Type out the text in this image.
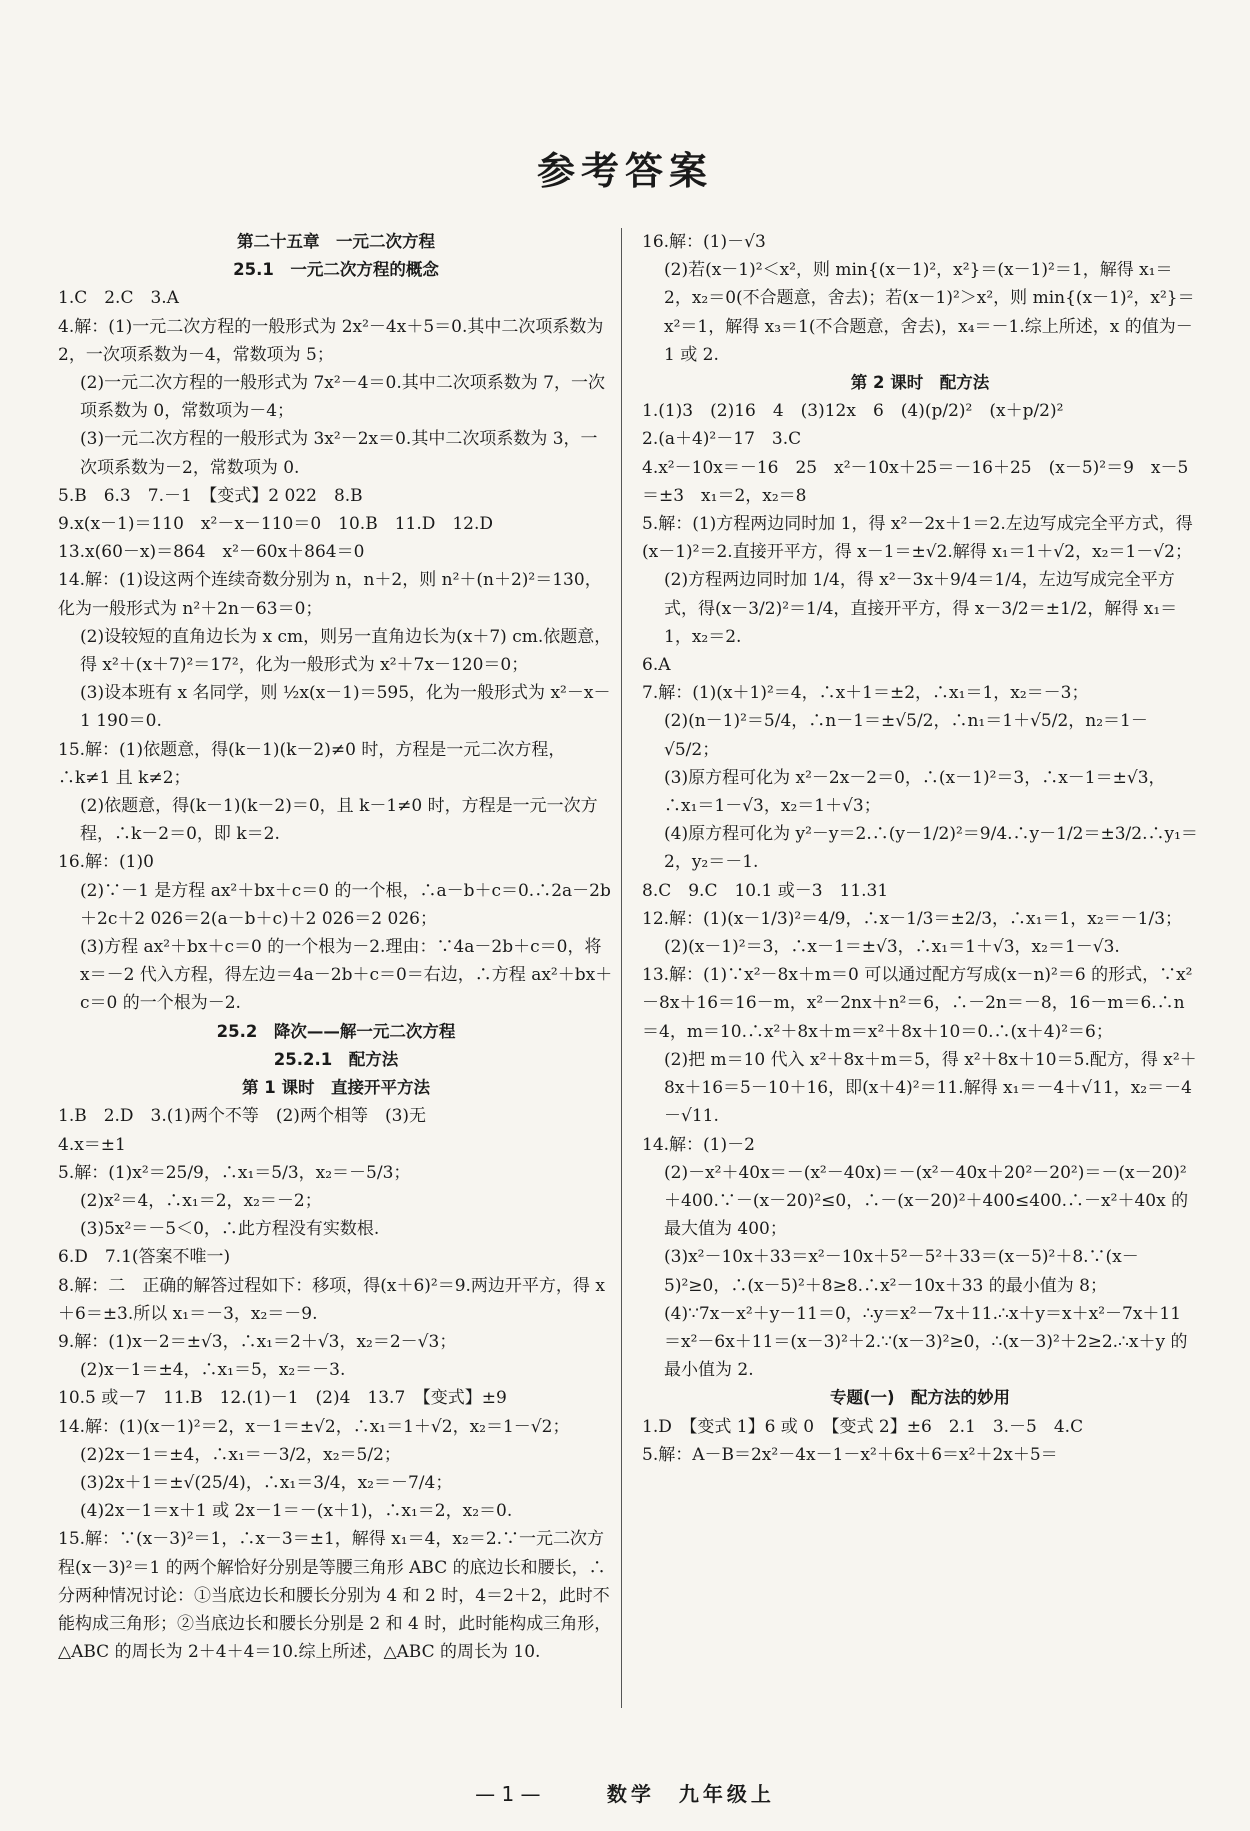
参考答案
第二十五章　一元二次方程
25.1　一元二次方程的概念
1.C　2.C　3.A
4.解：(1)一元二次方程的一般形式为 2x²－4x＋5＝0.其中二次项系数为 2，一次项系数为－4，常数项为 5；
(2)一元二次方程的一般形式为 7x²－4＝0.其中二次项系数为 7，一次项系数为 0，常数项为－4；
(3)一元二次方程的一般形式为 3x²－2x＝0.其中二次项系数为 3，一次项系数为－2，常数项为 0.
5.B　6.3　7.－1　【变式】2 022　8.B
9.x(x－1)＝110　x²－x－110＝0　10.B　11.D　12.D
13.x(60－x)＝864　x²－60x＋864＝0
14.解：(1)设这两个连续奇数分别为 n，n＋2，则 n²＋(n＋2)²＝130，化为一般形式为 n²＋2n－63＝0；
(2)设较短的直角边长为 x cm，则另一直角边长为(x＋7) cm.依题意，得 x²＋(x＋7)²＝17²，化为一般形式为 x²＋7x－120＝0；
(3)设本班有 x 名同学，则 ½x(x－1)＝595，化为一般形式为 x²－x－1 190＝0.
15.解：(1)依题意，得(k－1)(k－2)≠0 时，方程是一元二次方程，∴k≠1 且 k≠2；
(2)依题意，得(k－1)(k－2)＝0，且 k－1≠0 时，方程是一元一次方程，∴k－2＝0，即 k＝2.
16.解：(1)0
(2)∵－1 是方程 ax²＋bx＋c＝0 的一个根，∴a－b＋c＝0.∴2a－2b＋2c＋2 026＝2(a－b＋c)＋2 026＝2 026；
(3)方程 ax²＋bx＋c＝0 的一个根为－2.理由：∵4a－2b＋c＝0，将 x＝－2 代入方程，得左边＝4a－2b＋c＝0＝右边，∴方程 ax²＋bx＋c＝0 的一个根为－2.
25.2　降次——解一元二次方程
25.2.1　配方法
第 1 课时　直接开平方法
1.B　2.D　3.(1)两个不等　(2)两个相等　(3)无
4.x＝±1
5.解：(1)x²＝25/9，∴x₁＝5/3，x₂＝－5/3；
(2)x²＝4，∴x₁＝2，x₂＝－2；
(3)5x²＝－5＜0，∴此方程没有实数根.
6.D　7.1(答案不唯一)
8.解：二　正确的解答过程如下：移项，得(x＋6)²＝9.两边开平方，得 x＋6＝±3.所以 x₁＝－3，x₂＝－9.
9.解：(1)x－2＝±√3，∴x₁＝2＋√3，x₂＝2－√3；
(2)x－1＝±4，∴x₁＝5，x₂＝－3.
10.5 或－7　11.B　12.(1)－1　(2)4　13.7　【变式】±9
14.解：(1)(x－1)²＝2，x－1＝±√2，∴x₁＝1＋√2，x₂＝1－√2；
(2)2x－1＝±4，∴x₁＝－3/2，x₂＝5/2；
(3)2x＋1＝±√(25/4)，∴x₁＝3/4，x₂＝－7/4；
(4)2x－1＝x＋1 或 2x－1＝－(x＋1)，∴x₁＝2，x₂＝0.
15.解：∵(x－3)²＝1，∴x－3＝±1，解得 x₁＝4，x₂＝2.∵一元二次方程(x－3)²＝1 的两个解恰好分别是等腰三角形 ABC 的底边长和腰长，∴分两种情况讨论：①当底边长和腰长分别为 4 和 2 时，4＝2＋2，此时不能构成三角形；②当底边长和腰长分别是 2 和 4 时，此时能构成三角形，△ABC 的周长为 2＋4＋4＝10.综上所述，△ABC 的周长为 10.
16.解：(1)－√3
(2)若(x－1)²＜x²，则 min{(x－1)²，x²}＝(x－1)²＝1，解得 x₁＝2，x₂＝0(不合题意，舍去)；若(x－1)²＞x²，则 min{(x－1)²，x²}＝x²＝1，解得 x₃＝1(不合题意，舍去)，x₄＝－1.综上所述，x 的值为－1 或 2.
第 2 课时　配方法
1.(1)3　(2)16　4　(3)12x　6　(4)(p/2)²　(x＋p/2)²
2.(a＋4)²－17　3.C
4.x²－10x＝－16　25　x²－10x＋25＝－16＋25　(x－5)²＝9　x－5＝±3　x₁＝2，x₂＝8
5.解：(1)方程两边同时加 1，得 x²－2x＋1＝2.左边写成完全平方式，得(x－1)²＝2.直接开平方，得 x－1＝±√2.解得 x₁＝1＋√2，x₂＝1－√2；
(2)方程两边同时加 1/4，得 x²－3x＋9/4＝1/4，左边写成完全平方式，得(x－3/2)²＝1/4，直接开平方，得 x－3/2＝±1/2，解得 x₁＝1，x₂＝2.
6.A
7.解：(1)(x＋1)²＝4，∴x＋1＝±2，∴x₁＝1，x₂＝－3；
(2)(n－1)²＝5/4，∴n－1＝±√5/2，∴n₁＝1＋√5/2，n₂＝1－√5/2；
(3)原方程可化为 x²－2x－2＝0，∴(x－1)²＝3，∴x－1＝±√3，∴x₁＝1－√3，x₂＝1＋√3；
(4)原方程可化为 y²－y＝2.∴(y－1/2)²＝9/4.∴y－1/2＝±3/2.∴y₁＝2，y₂＝－1.
8.C　9.C　10.1 或－3　11.31
12.解：(1)(x－1/3)²＝4/9，∴x－1/3＝±2/3，∴x₁＝1，x₂＝－1/3；
(2)(x－1)²＝3，∴x－1＝±√3，∴x₁＝1＋√3，x₂＝1－√3.
13.解：(1)∵x²－8x＋m＝0 可以通过配方写成(x－n)²＝6 的形式，∵x²－8x＋16＝16－m，x²－2nx＋n²＝6，∴－2n＝－8，16－m＝6.∴n＝4，m＝10.∴x²＋8x＋m＝x²＋8x＋10＝0.∴(x＋4)²＝6；
(2)把 m＝10 代入 x²＋8x＋m＝5，得 x²＋8x＋10＝5.配方，得 x²＋8x＋16＝5－10＋16，即(x＋4)²＝11.解得 x₁＝－4＋√11，x₂＝－4－√11.
14.解：(1)－2
(2)－x²＋40x＝－(x²－40x)＝－(x²－40x＋20²－20²)＝－(x－20)²＋400.∵－(x－20)²≤0，∴－(x－20)²＋400≤400.∴－x²＋40x 的最大值为 400；
(3)x²－10x＋33＝x²－10x＋5²－5²＋33＝(x－5)²＋8.∵(x－5)²≥0，∴(x－5)²＋8≥8.∴x²－10x＋33 的最小值为 8；
(4)∵7x－x²＋y－11＝0，∴y＝x²－7x＋11.∴x＋y＝x＋x²－7x＋11＝x²－6x＋11＝(x－3)²＋2.∵(x－3)²≥0，∴(x－3)²＋2≥2.∴x＋y 的最小值为 2.
专题(一)　配方法的妙用
1.D　【变式 1】6 或 0　【变式 2】±6　2.1　3.－5　4.C
5.解：A－B＝2x²－4x－1－x²＋6x＋6＝x²＋2x＋5＝
— 1 —	数学　九年级上
